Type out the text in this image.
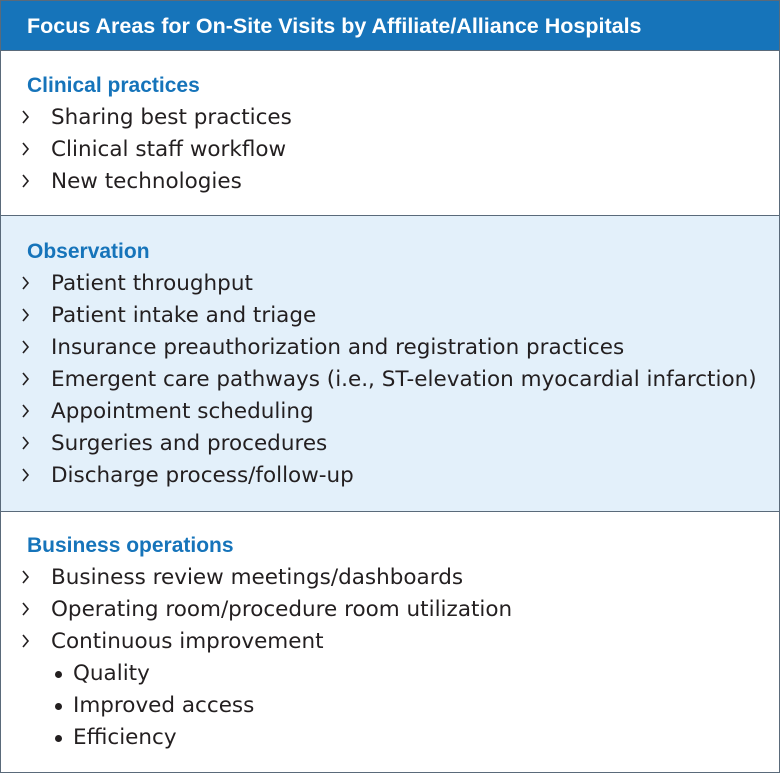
Focus Areas for On-Site Visits by Affiliate/Alliance Hospitals
Clinical practices
Sharing best practices
Clinical staff workflow
New technologies
Observation
Patient throughput
Patient intake and triage
Insurance preauthorization and registration practices
Emergent care pathways (i.e., ST-elevation myocardial infarction)
Appointment scheduling
Surgeries and procedures
Discharge process/follow-up
Business operations
Business review meetings/dashboards
Operating room/procedure room utilization
Continuous improvement
Quality
Improved access
Efficiency
